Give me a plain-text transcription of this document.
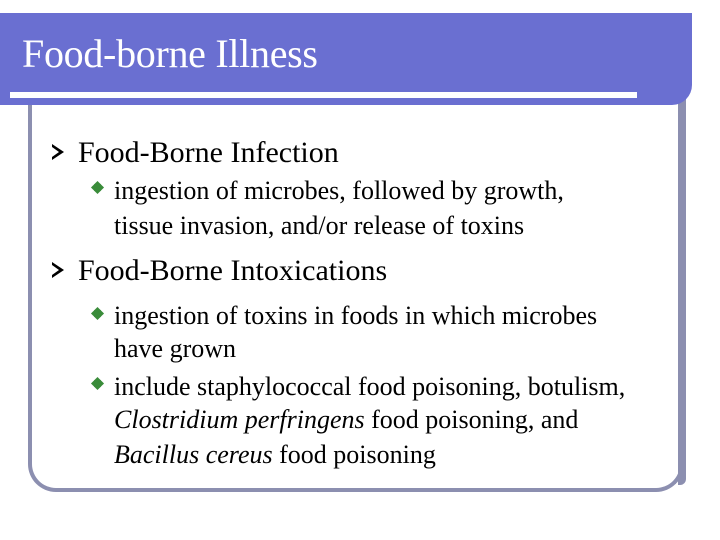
Food-borne Illness
Food-Borne Infection
ingestion of microbes, followed by growth,
tissue invasion, and/or release of toxins
Food-Borne Intoxications
ingestion of toxins in foods in which microbes
have grown
include staphylococcal food poisoning, botulism,
Clostridium perfringens food poisoning, and
Bacillus cereus food poisoning
